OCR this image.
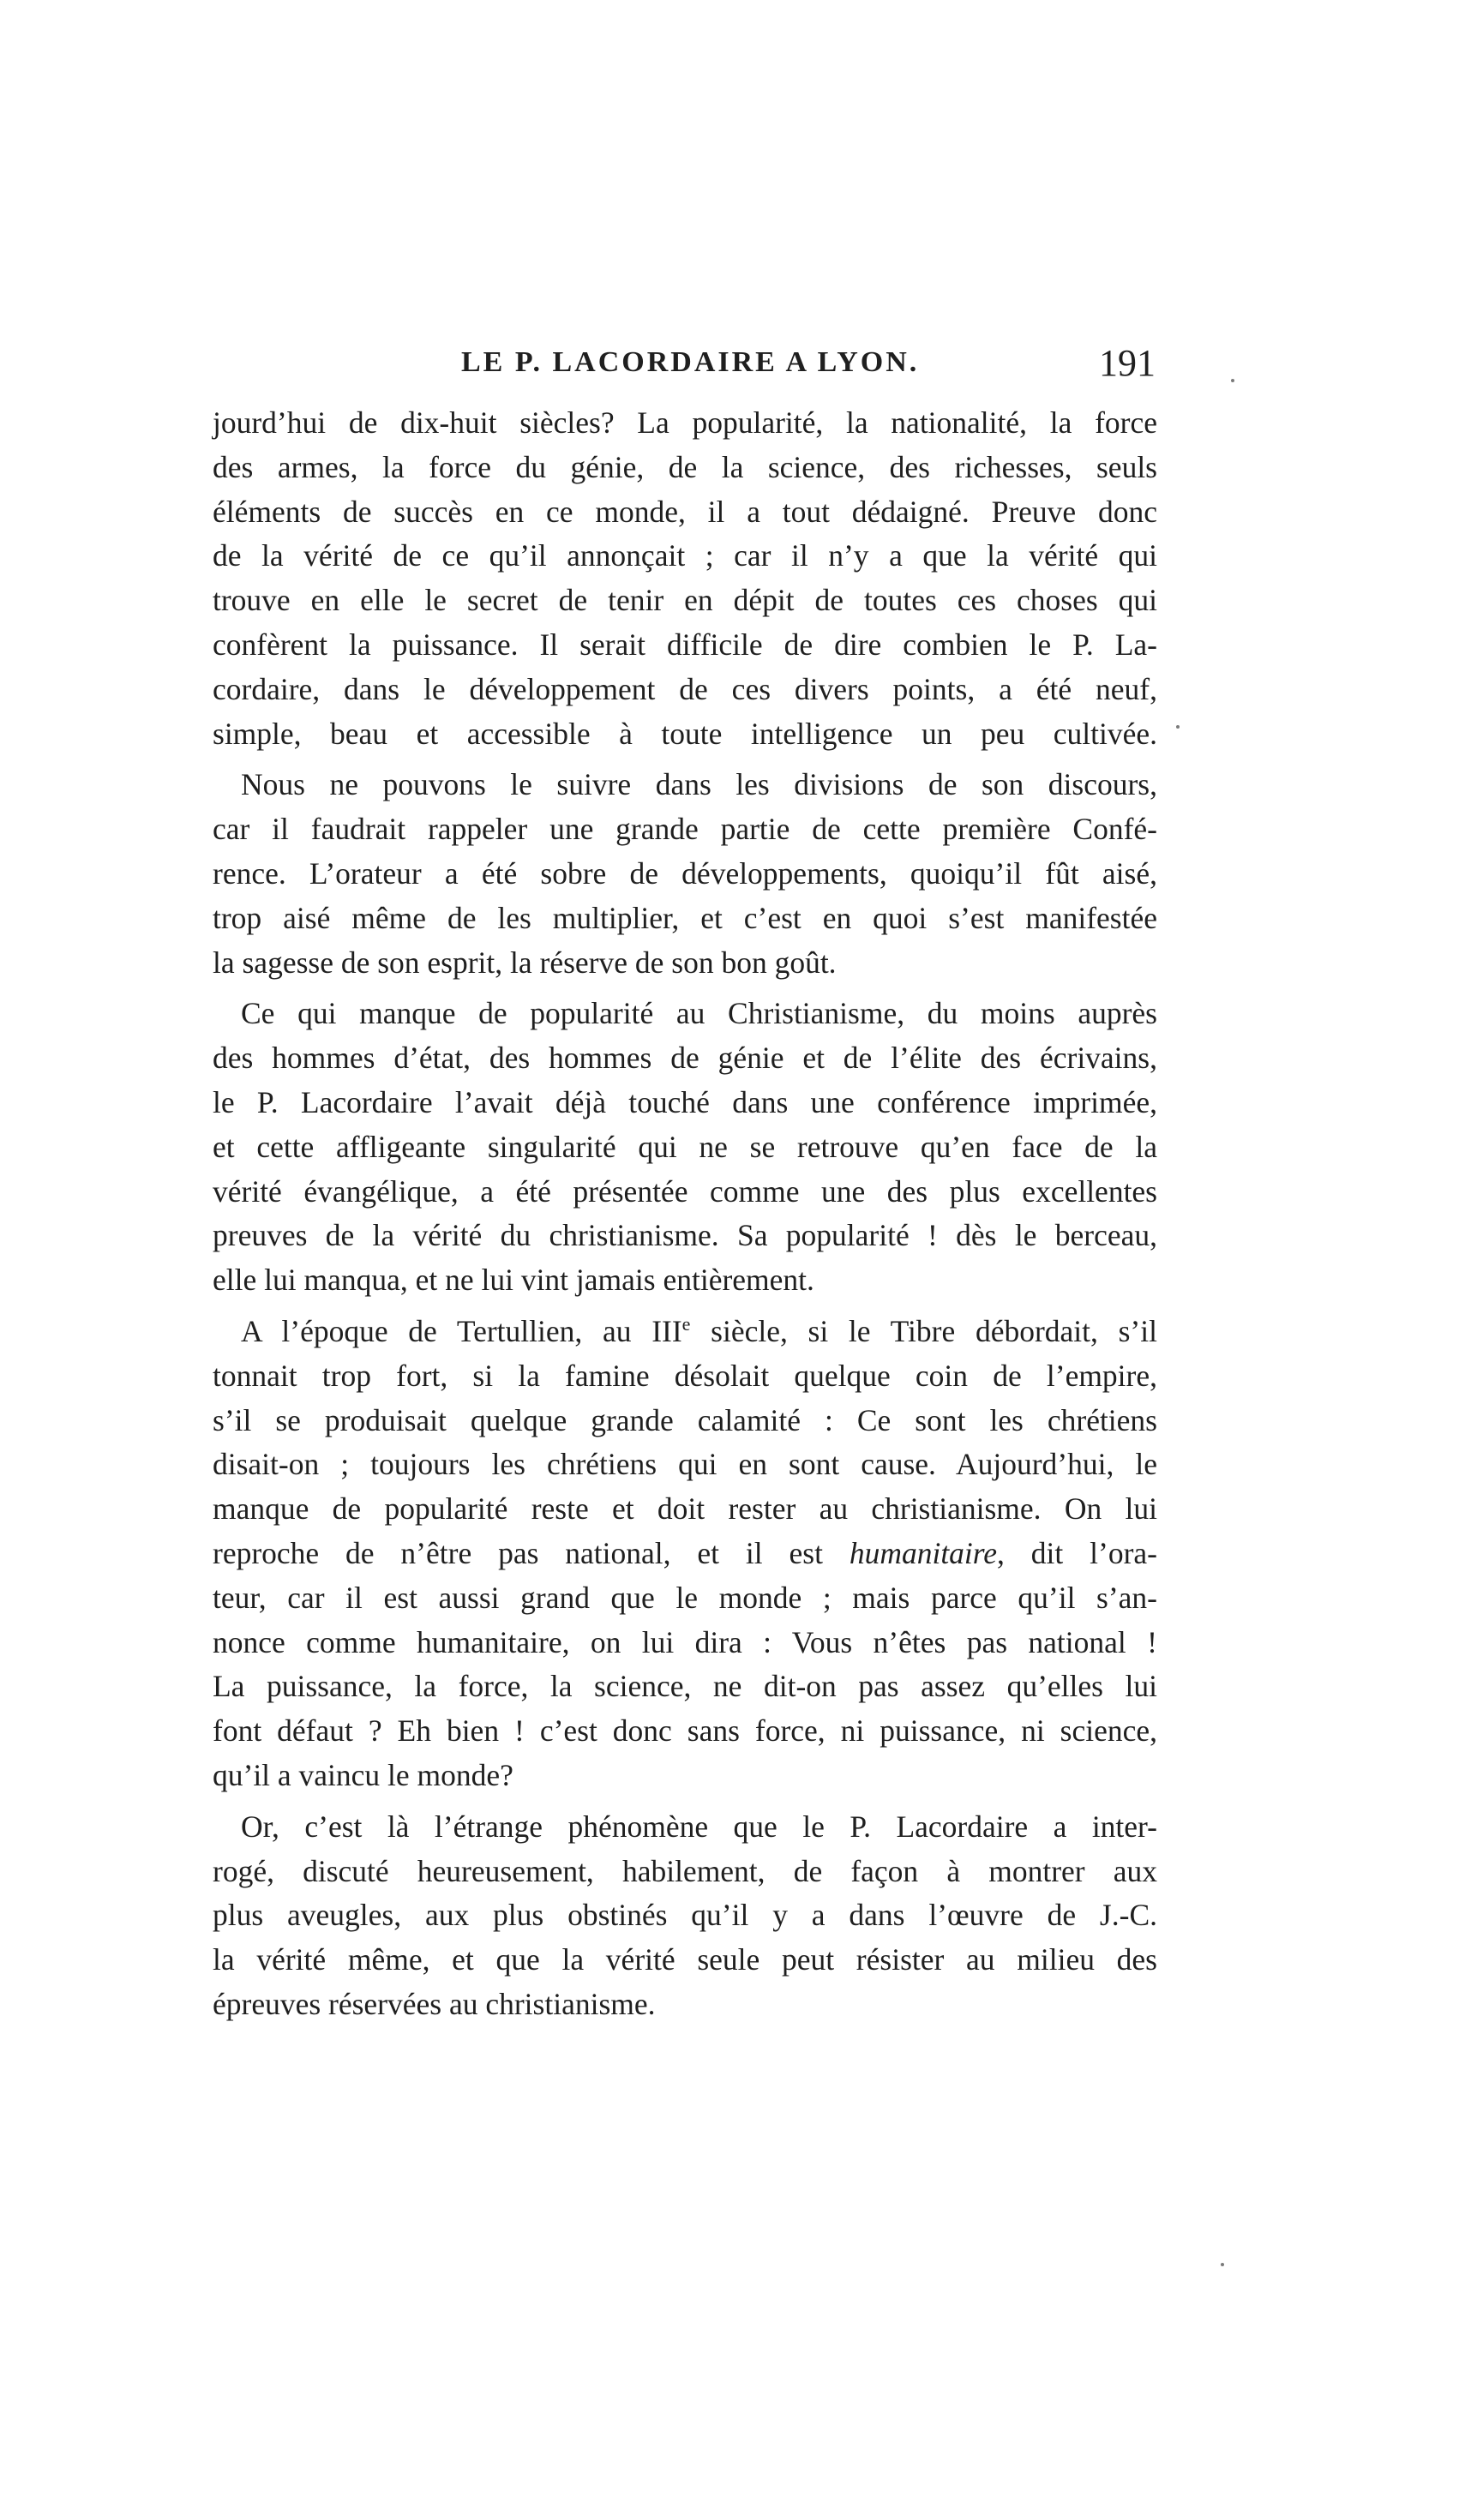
LE P. LACORDAIRE A LYON.	191
jourd’hui de dix-huit siècles? La popularité, la nationalité, la force
des armes, la force du génie, de la science, des richesses, seuls
éléments de succès en ce monde, il a tout dédaigné. Preuve donc
de la vérité de ce qu’il annonçait ; car il n’y a que la vérité qui
trouve en elle le secret de tenir en dépit de toutes ces choses qui
confèrent la puissance. Il serait difficile de dire combien le P. La-
cordaire, dans le développement de ces divers points, a été neuf,
simple, beau et accessible à toute intelligence un peu cultivée.
Nous ne pouvons le suivre dans les divisions de son discours,
car il faudrait rappeler une grande partie de cette première Confé-
rence. L’orateur a été sobre de développements, quoiqu’il fût aisé,
trop aisé même de les multiplier, et c’est en quoi s’est manifestée
la sagesse de son esprit, la réserve de son bon goût.
Ce qui manque de popularité au Christianisme, du moins auprès
des hommes d’état, des hommes de génie et de l’élite des écrivains,
le P. Lacordaire l’avait déjà touché dans une conférence imprimée,
et cette affligeante singularité qui ne se retrouve qu’en face de la
vérité évangélique, a été présentée comme une des plus excellentes
preuves de la vérité du christianisme. Sa popularité ! dès le berceau,
elle lui manqua, et ne lui vint jamais entièrement.
A l’époque de Tertullien, au IIIe siècle, si le Tibre débordait, s’il
tonnait trop fort, si la famine désolait quelque coin de l’empire,
s’il se produisait quelque grande calamité : Ce sont les chrétiens
disait-on ; toujours les chrétiens qui en sont cause. Aujourd’hui, le
manque de popularité reste et doit rester au christianisme. On lui
reproche de n’être pas national, et il est humanitaire, dit l’ora-
teur, car il est aussi grand que le monde ; mais parce qu’il s’an-
nonce comme humanitaire, on lui dira : Vous n’êtes pas national !
La puissance, la force, la science, ne dit-on pas assez qu’elles lui
font défaut ? Eh bien ! c’est donc sans force, ni puissance, ni science,
qu’il a vaincu le monde?
Or, c’est là l’étrange phénomène que le P. Lacordaire a inter-
rogé, discuté heureusement, habilement, de façon à montrer aux
plus aveugles, aux plus obstinés qu’il y a dans l’œuvre de J.-C.
la vérité même, et que la vérité seule peut résister au milieu des
épreuves réservées au christianisme.
